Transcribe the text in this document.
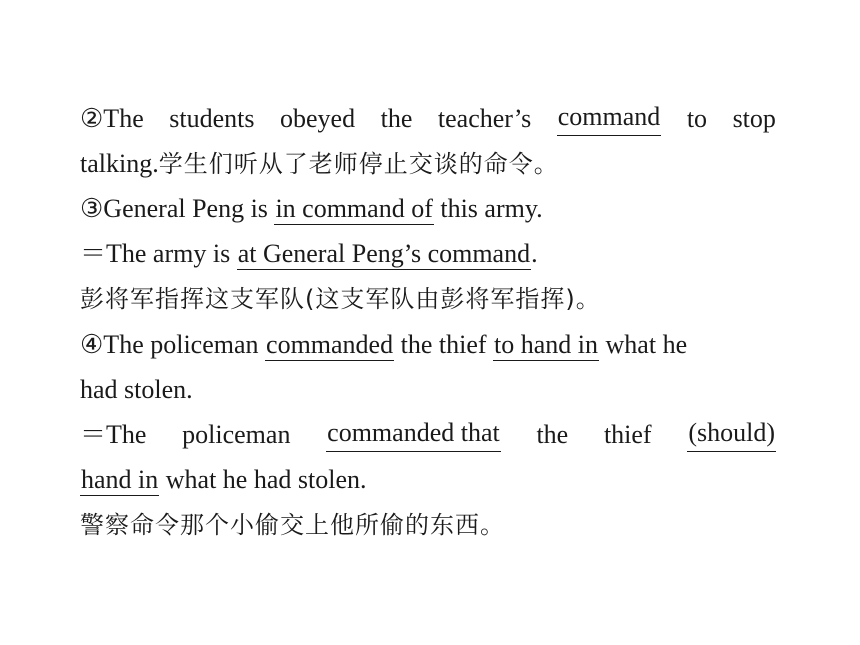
②The students obeyed the teacher’s command to stop
talking.学生们听从了老师停止交谈的命令。
③General Peng is in command of this army.
＝The army is at General Peng’s command.
彭将军指挥这支军队(这支军队由彭将军指挥)。
④The policeman commanded the thief to hand in what he
had stolen.
＝The policeman commanded that the thief (should)
hand in what he had stolen.
警察命令那个小偷交上他所偷的东西。
